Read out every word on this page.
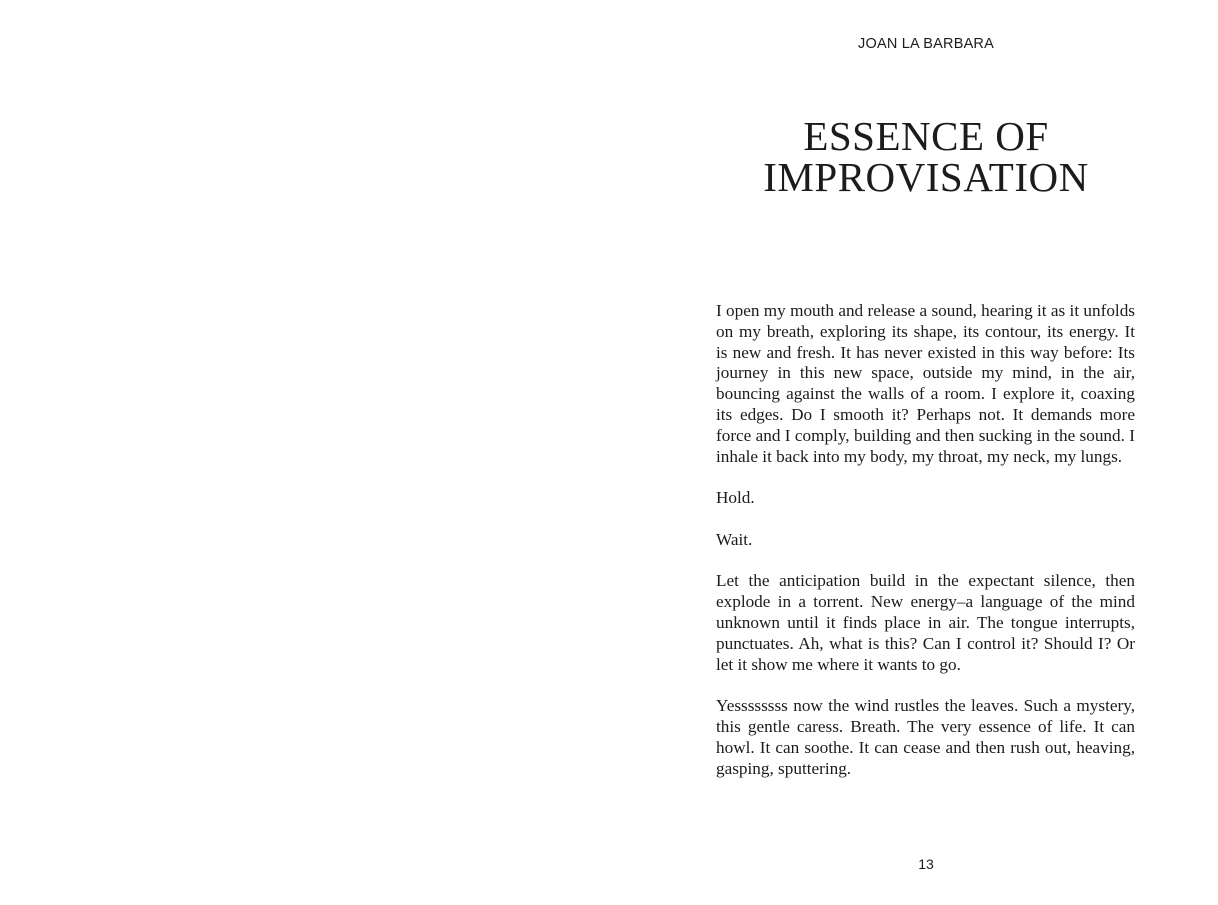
JOAN LA BARBARA
ESSENCE OF
IMPROVISATION

I open my mouth and release a sound, hearing it as it unfolds on my breath, exploring its shape, its contour, its energy. It is new and fresh. It has never existed in this way before: Its journey in this new space, outside my mind, in the air, bouncing against the walls of a room. I explore it, coaxing its edges. Do I smooth it? Perhaps not. It demands more force and I comply, building and then sucking in the sound. I inhale it back into my body, my throat, my neck, my lungs.

Hold.

Wait.

Let the anticipation build in the expectant silence, then explode in a torrent. New energy–a language of the mind unknown until it finds place in air. The tongue interrupts, punctuates. Ah, what is this? Can I control it? Should I? Or let it show me where it wants to go.

Yessssssss now the wind rustles the leaves. Such a mystery, this gentle caress. Breath. The very essence of life. It can howl. It can soothe. It can cease and then rush out, heaving, gasping, sputtering.

13
